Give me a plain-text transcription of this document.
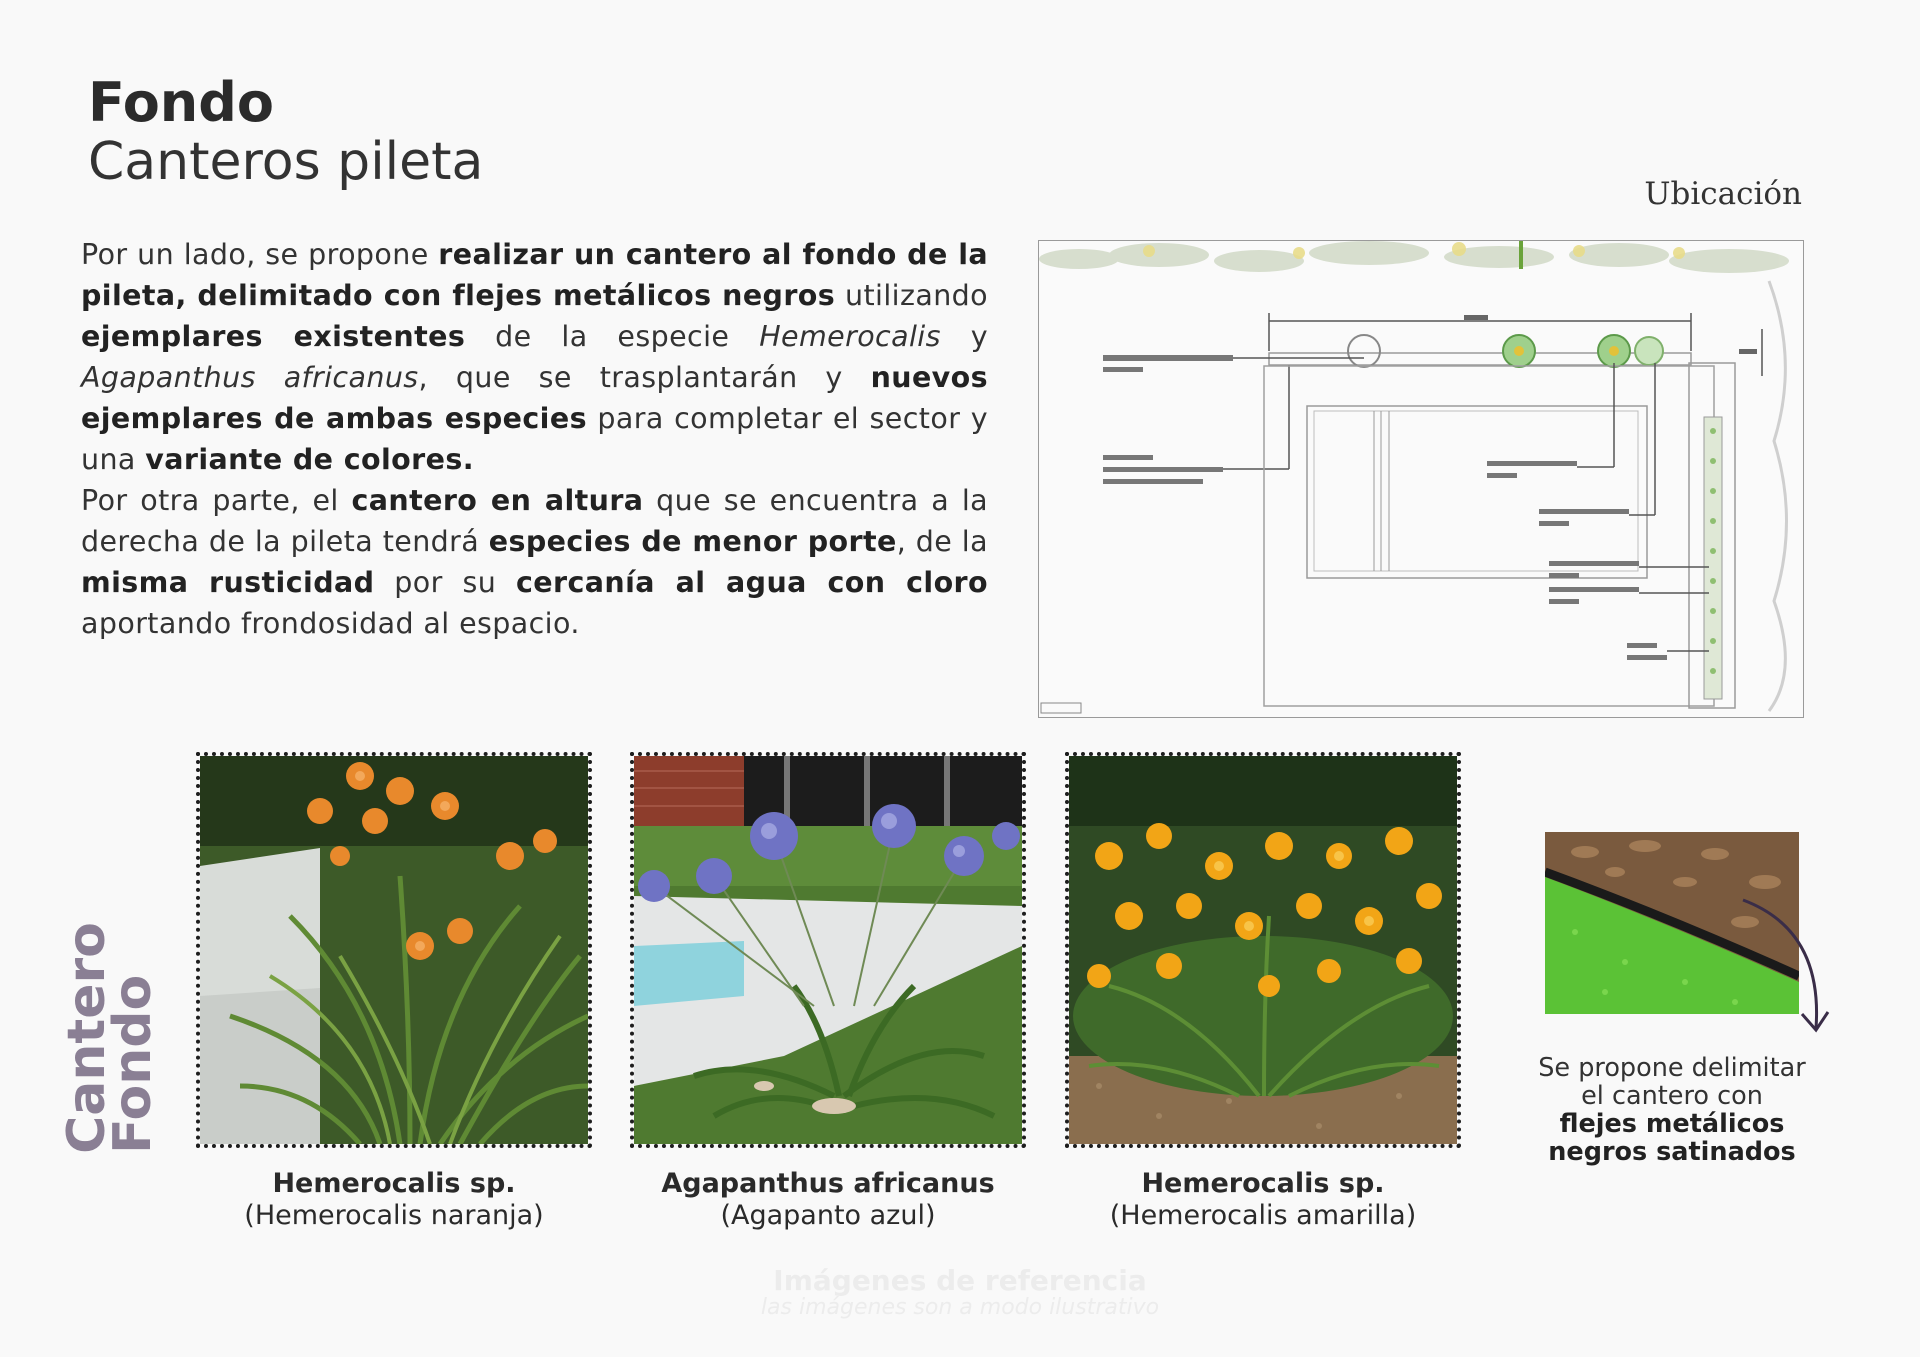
Fondo
Canteros pileta

Por un lado, se propone realizar un cantero al fondo de la pileta, delimitado con flejes metálicos negros utilizando ejemplares existentes de la especie Hemerocalis y Agapanthus africanus, que se trasplantarán y nuevos ejemplares de ambas especies para completar el sector y una variante de colores.

Por otra parte, el cantero en altura que se encuentra a la derecha de la pileta tendrá especies de menor porte, de la misma rusticidad por su cercanía al agua con cloro aportando frondosidad al espacio.

Ubicación
Cantero
Fondo
Hemerocalis sp.
(Hemerocalis naranja)
Agapanthus africanus
(Agapanto azul)
Hemerocalis sp.
(Hemerocalis amarilla)
Se propone delimitar
el cantero con
flejes metálicos
negros satinados
Imágenes de referencia
las imágenes son a modo ilustrativo
